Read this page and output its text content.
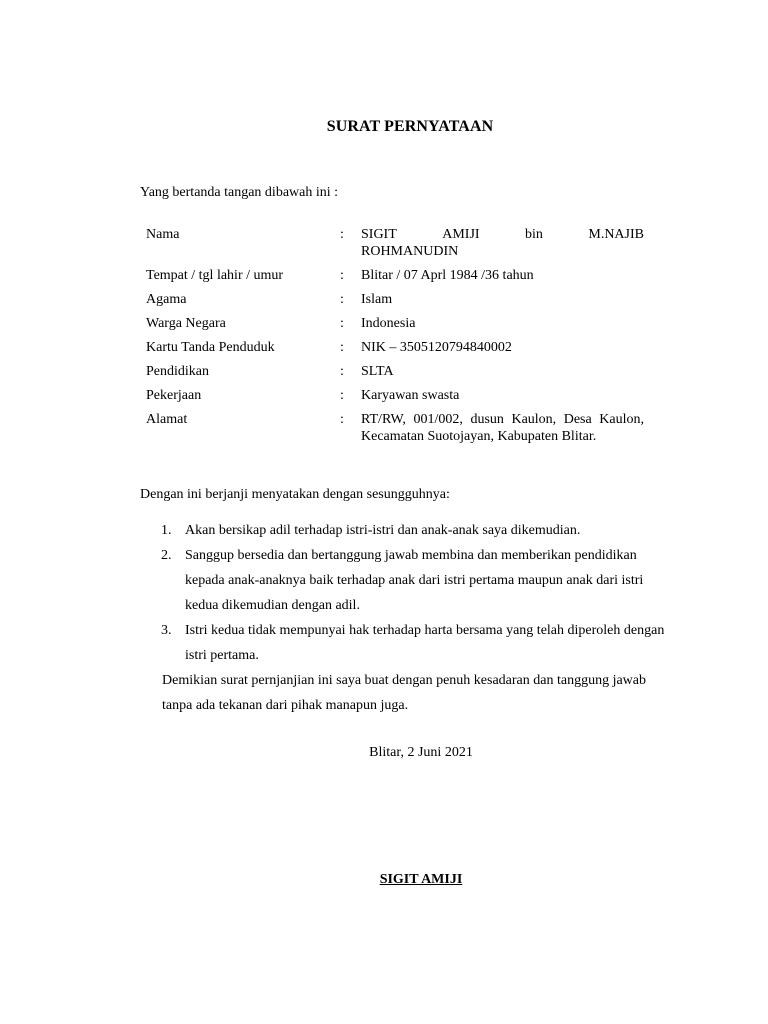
SURAT PERNYATAAN
Yang bertanda tangan dibawah ini :
Nama	: SIGIT	AMIJI	bin	M.NAJIB
ROHMANUDIN
Tempat / tgl lahir / umur	: Blitar / 07 Aprl 1984 /36 tahun
Agama	: Islam
Warga Negara	: Indonesia
Kartu Tanda Penduduk	: NIK – 3505120794840002
Pendidikan	: SLTA
Pekerjaan	: Karyawan swasta
Alamat	: RT/RW, 001/002, dusun Kaulon, Desa Kaulon, Kecamatan Suotojayan, Kabupaten Blitar.
Dengan ini berjanji menyatakan dengan sesungguhnya:
1. Akan bersikap adil terhadap istri-istri dan anak-anak saya dikemudian.
2. Sanggup bersedia dan bertanggung jawab membina dan memberikan pendidikan kepada anak-anaknya baik terhadap anak dari istri pertama maupun anak dari istri kedua dikemudian dengan adil.
3. Istri kedua tidak mempunyai hak terhadap harta bersama yang telah diperoleh dengan istri pertama.
Demikian surat pernjanjian ini saya buat dengan penuh kesadaran dan tanggung jawab tanpa ada tekanan dari pihak manapun juga.
Blitar, 2 Juni 2021
SIGIT AMIJI
